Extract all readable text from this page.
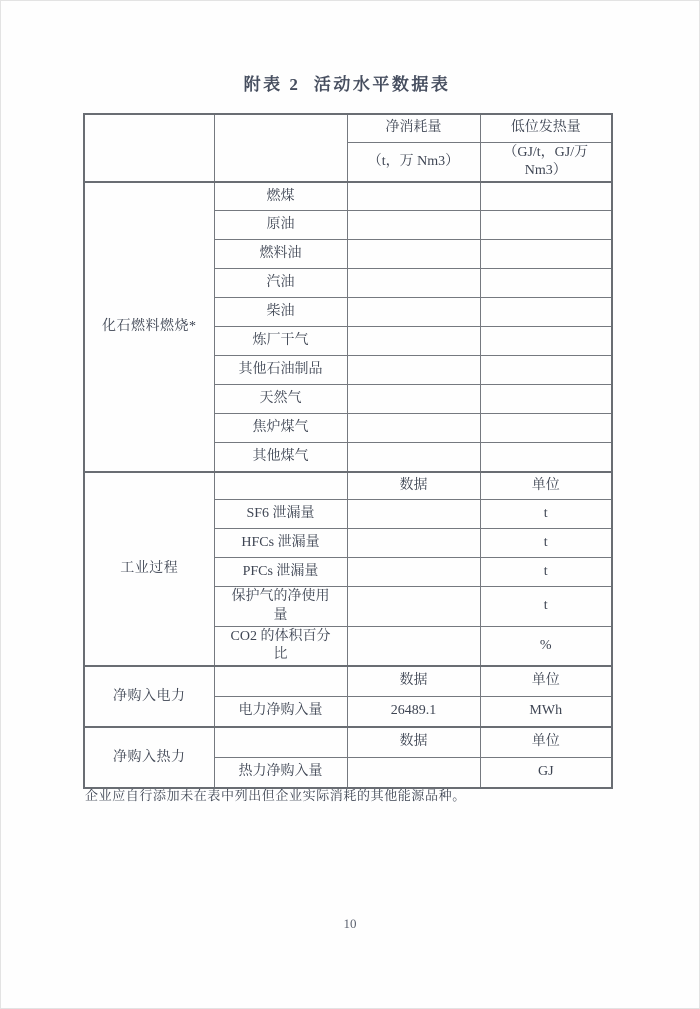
附表 2  活动水平数据表
		净消耗量	低位发热量
		（t，万 Nm3）	（GJ/t，GJ/万 Nm3）
化石燃料燃烧*	燃煤		
	原油		
	燃料油		
	汽油		
	柴油		
	炼厂干气		
	其他石油制品		
	天然气		
	焦炉煤气		
	其他煤气		
工业过程		数据	单位
	SF6 泄漏量		t
	HFCs 泄漏量		t
	PFCs 泄漏量		t
	保护气的净使用量		t
	CO2 的体积百分比		%
净购入电力		数据	单位
	电力净购入量	26489.1	MWh
净购入热力		数据	单位
	热力净购入量		GJ
企业应自行添加未在表中列出但企业实际消耗的其他能源品种。
10
